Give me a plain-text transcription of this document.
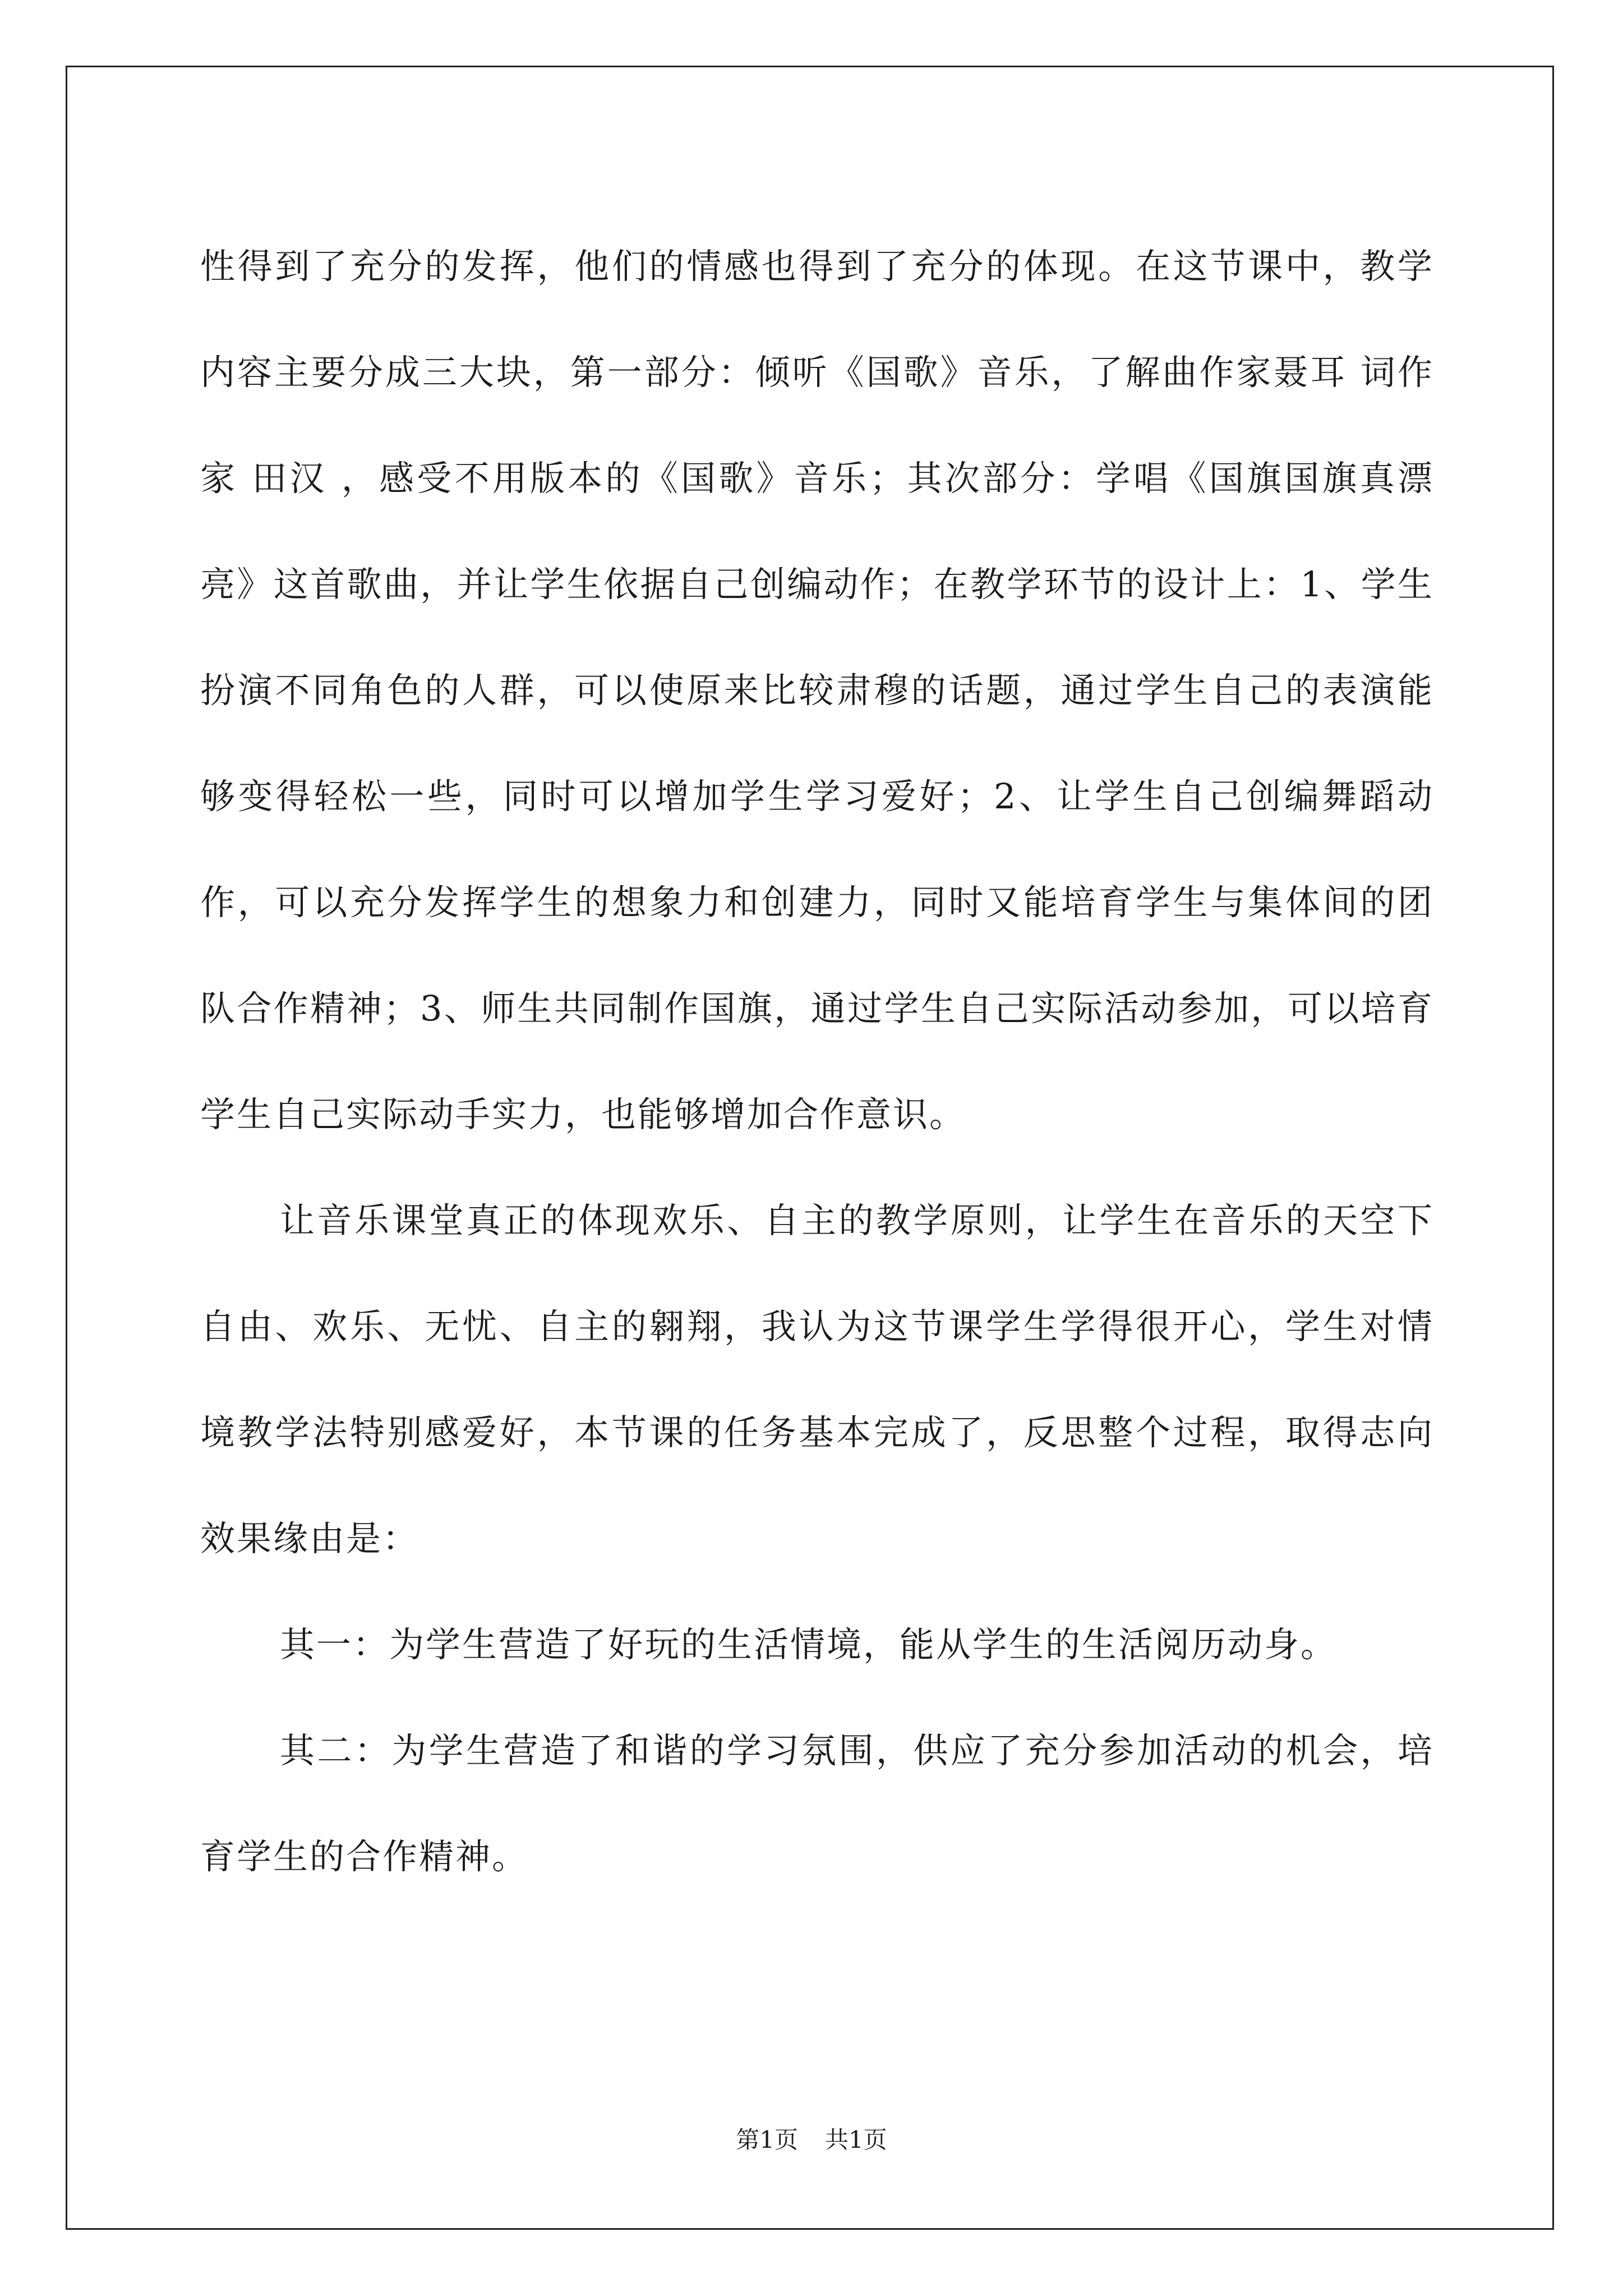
性得到了充分的发挥，他们的情感也得到了充分的体现。在这节课中，教学内容主要分成三大块，第一部分：倾听《国歌》音乐，了解曲作家聂耳 词作家 田汉 ，感受不用版本的《国歌》音乐；其次部分：学唱《国旗国旗真漂亮》这首歌曲，并让学生依据自己创编动作；在教学环节的设计上：1、学生扮演不同角色的人群，可以使原来比较肃穆的话题，通过学生自己的表演能够变得轻松一些，同时可以增加学生学习爱好；2、让学生自己创编舞蹈动作，可以充分发挥学生的想象力和创建力，同时又能培育学生与集体间的团队合作精神；3、师生共同制作国旗，通过学生自己实际活动参加，可以培育学生自己实际动手实力，也能够增加合作意识。

让音乐课堂真正的体现欢乐、自主的教学原则，让学生在音乐的天空下自由、欢乐、无忧、自主的翱翔，我认为这节课学生学得很开心，学生对情境教学法特别感爱好，本节课的任务基本完成了，反思整个过程，取得志向效果缘由是：

其一：为学生营造了好玩的生活情境，能从学生的生活阅历动身。

其二：为学生营造了和谐的学习氛围，供应了充分参加活动的机会，培育学生的合作精神。

第1页 共1页
